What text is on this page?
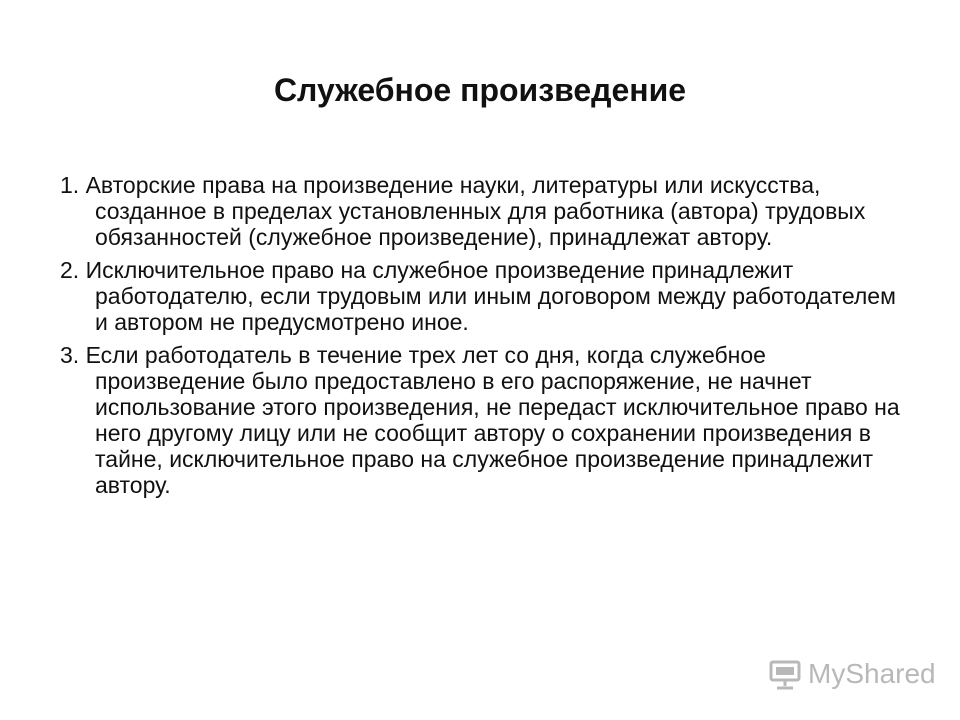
Служебное произведение

1. Авторские права на произведение науки, литературы или искусства, созданное в пределах установленных для работника (автора) трудовых обязанностей (служебное произведение), принадлежат автору.

2. Исключительное право на служебное произведение принадлежит работодателю, если трудовым или иным договором между работодателем и автором не предусмотрено иное.

3. Если работодатель в течение трех лет со дня, когда служебное произведение было предоставлено в его распоряжение, не начнет использование этого произведения, не передаст исключительное право на него другому лицу или не сообщит автору о сохранении произведения в тайне, исключительное право на служебное произведение принадлежит автору.

MyShared
